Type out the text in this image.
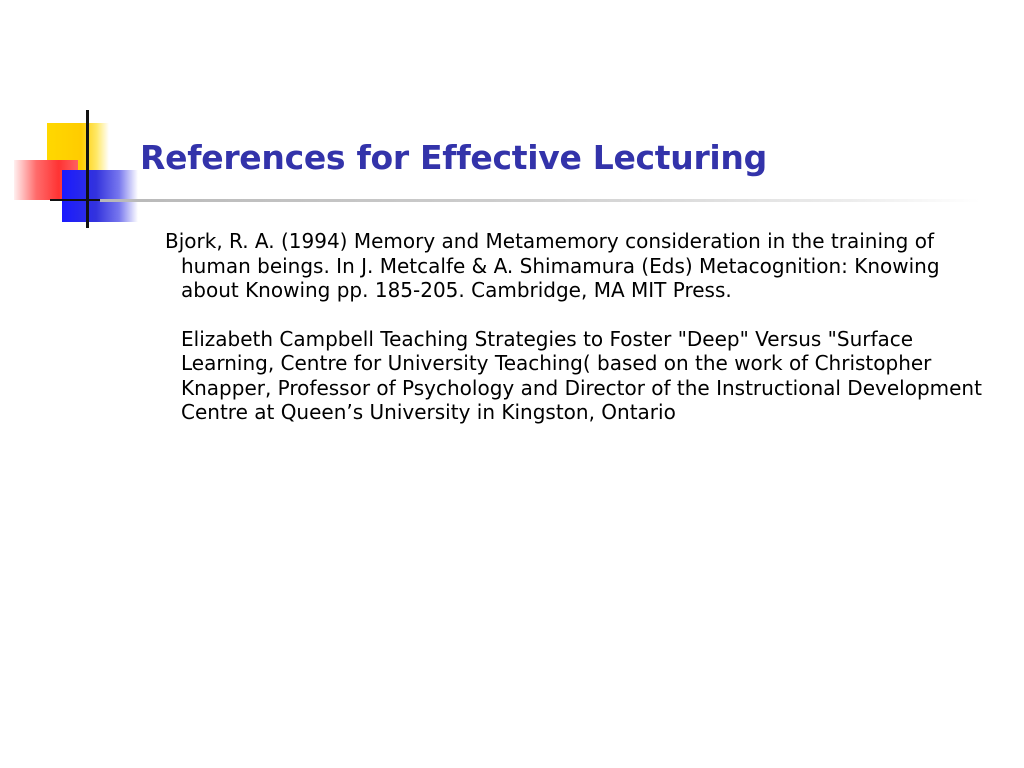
References for Effective Lecturing

Bjork, R. A. (1994) Memory and Metamemory consideration in the training of human beings. In J. Metcalfe & A. Shimamura (Eds) Metacognition: Knowing about Knowing pp. 185-205. Cambridge, MA MIT Press.

Elizabeth Campbell Teaching Strategies to Foster "Deep" Versus "Surface Learning, Centre for University Teaching( based on the work of Christopher Knapper, Professor of Psychology and Director of the Instructional Development Centre at Queen’s University in Kingston, Ontario
